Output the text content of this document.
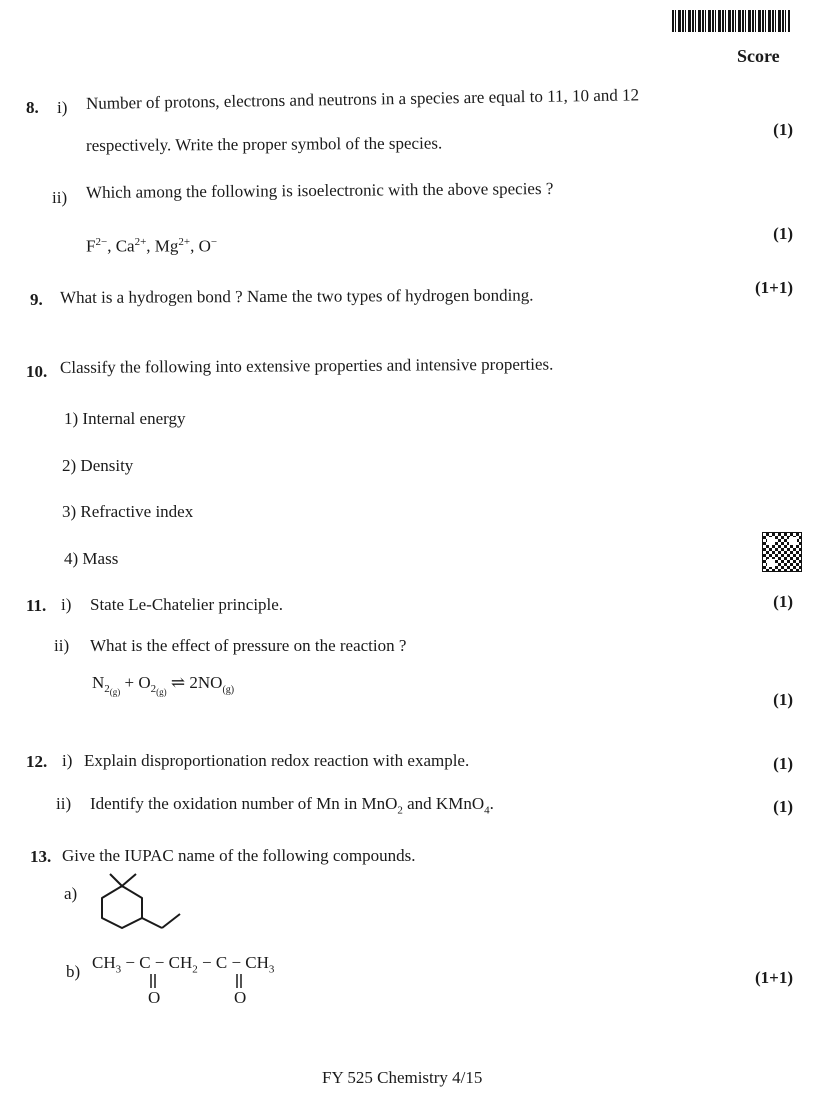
Score
8. i) Number of protons, electrons and neutrons in a species are equal to 11, 10 and 12
(1)
respectively. Write the proper symbol of the species.
ii) Which among the following is isoelectronic with the above species ?
$F^{2-}$, $Ca^{2+}$, $Mg^{2+}$, O−	(1)
9. What is a hydrogen bond ? Name the two types of hydrogen bonding.	(1+1)
10. Classify the following into extensive properties and intensive properties.
1) Internal energy
2) Density
3) Refractive index
4) Mass
11. i) State Le-Chatelier principle.	(1)
ii) What is the effect of pressure on the reaction ?
$N_{2_{(g)}} + O_{2_{(g)}}$ ⇌ $2NO_{(g)}$
(1)
12. i) Explain disproportionation redox reaction with example.	(1)
ii) Identify the oxidation number of Mn in MnO$_2$ and KMnO$_4$.	(1)
13. Give the IUPAC name of the following compounds.
a)
b) $CH_3 - C - CH_2 - C - CH_3$
O	O
(1+1)
FY 525 Chemistry 4/15
